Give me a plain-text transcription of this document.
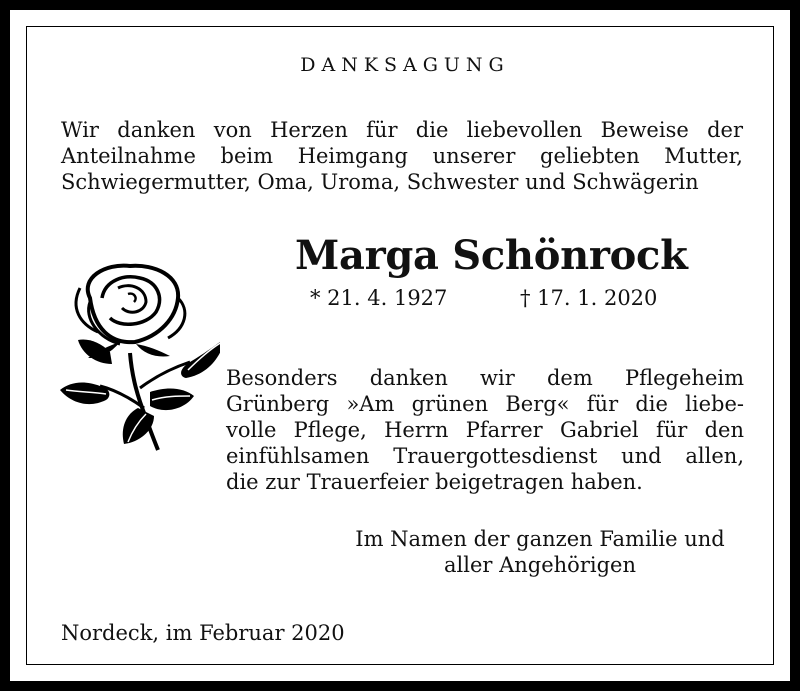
DANKSAGUNG
Wir danken von Herzen für die liebevollen Beweise der
Anteilnahme beim Heimgang unserer geliebten Mutter,
Schwiegermutter, Oma, Uroma, Schwester und Schwägerin
Marga Schönrock
* 21. 4. 1927	† 17. 1. 2020
Besonders danken wir dem Pflegeheim
Grünberg »Am grünen Berg« für die liebe-
volle Pflege, Herrn Pfarrer Gabriel für den
einfühlsamen Trauergottesdienst und allen,
die zur Trauerfeier beigetragen haben.
Im Namen der ganzen Familie und
aller Angehörigen
Nordeck, im Februar 2020
